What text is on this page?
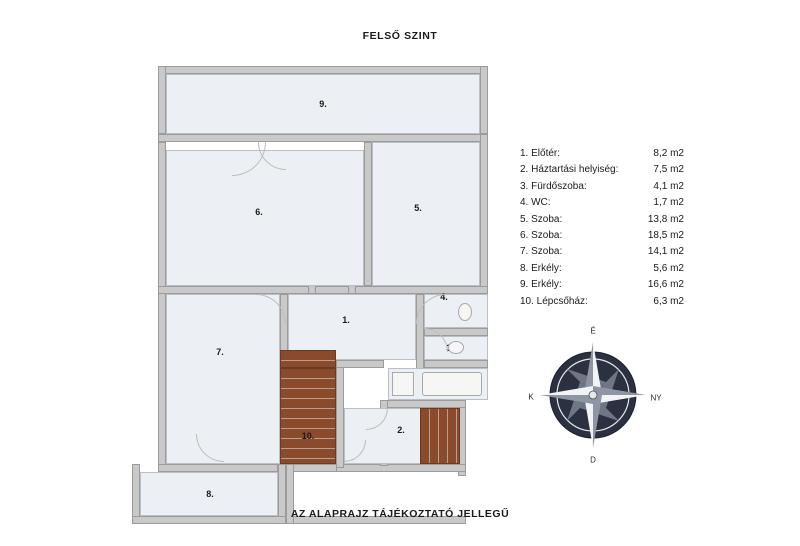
FELSŐ SZINT
9.
8.
6.	5.
7.
1.
4.
2.
10.
1. Előtér:	8,2 m2
2. Háztartási helyiség:	7,5 m2
3. Fürdőszoba:	4,1 m2
4. WC:	1,7 m2
5. Szoba:	13,8 m2
6. Szoba:	18,5 m2
7. Szoba:	14,1 m2
8. Erkély:	5,6 m2
9. Erkély:	16,6 m2
10. Lépcsőház:	6,3 m2
É
K
D
NY
AZ ALAPRAJZ TÁJÉKOZTATÓ JELLEGŰ
